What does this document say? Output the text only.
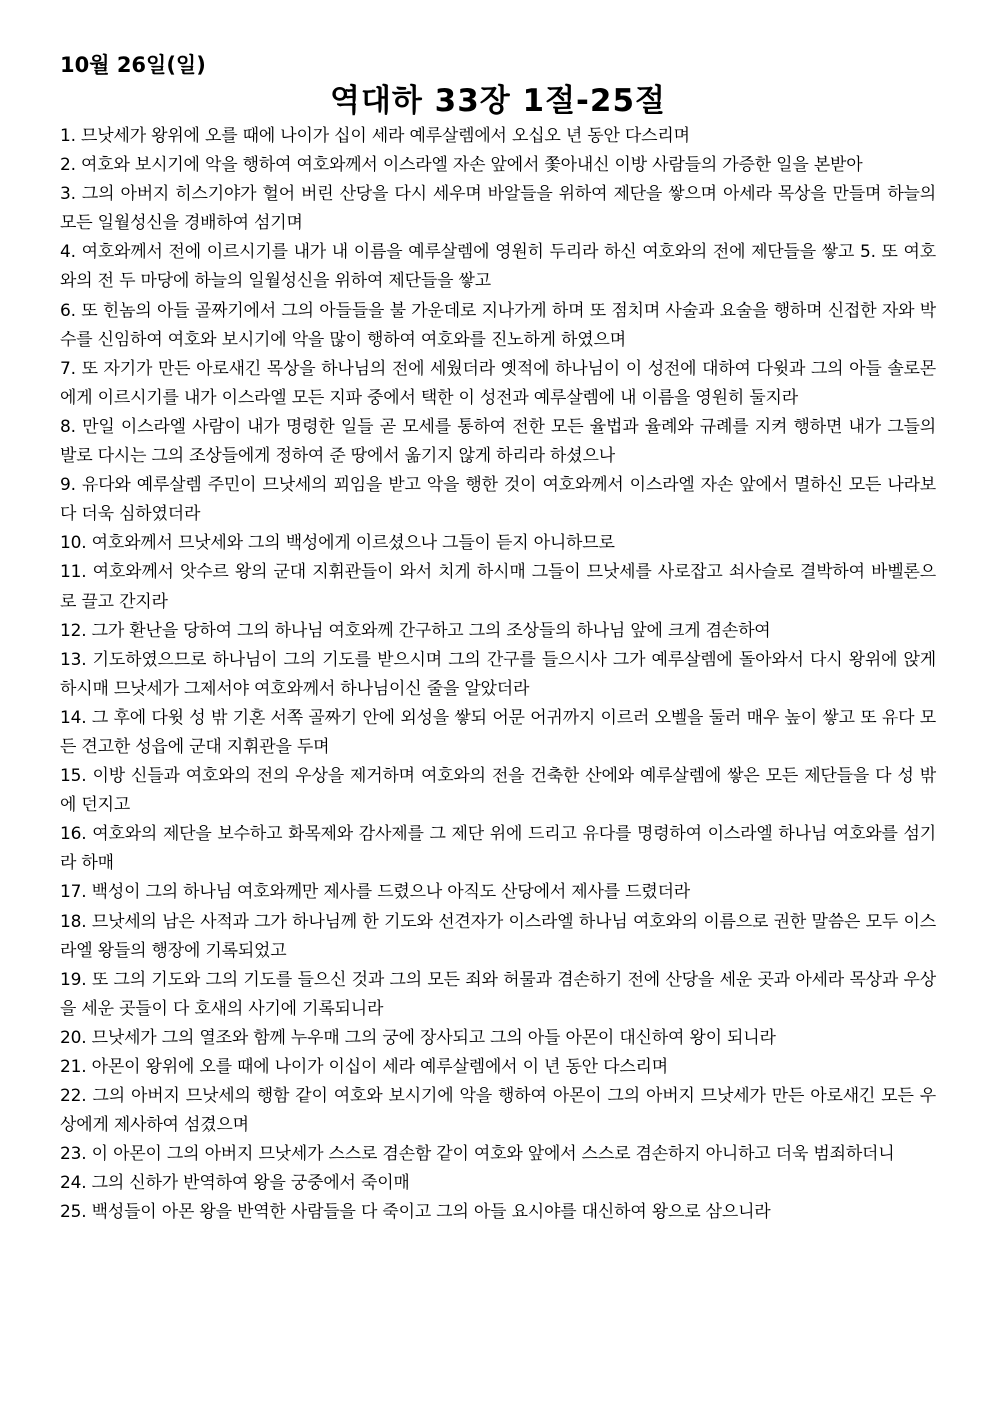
10월 26일(일)
역대하 33장 1절-25절

1. 므낫세가 왕위에 오를 때에 나이가 십이 세라 예루살렘에서 오십오 년 동안 다스리며

2. 여호와 보시기에 악을 행하여 여호와께서 이스라엘 자손 앞에서 쫓아내신 이방 사람들의 가증한 일을 본받아

3. 그의 아버지 히스기야가 헐어 버린 산당을 다시 세우며 바알들을 위하여 제단을 쌓으며 아세라 목상을 만들며 하늘의 모든 일월성신을 경배하여 섬기며

4. 여호와께서 전에 이르시기를 내가 내 이름을 예루살렘에 영원히 두리라 하신 여호와의 전에 제단들을 쌓고 5. 또 여호와의 전 두 마당에 하늘의 일월성신을 위하여 제단들을 쌓고

6. 또 힌놈의 아들 골짜기에서 그의 아들들을 불 가운데로 지나가게 하며 또 점치며 사술과 요술을 행하며 신접한 자와 박수를 신임하여 여호와 보시기에 악을 많이 행하여 여호와를 진노하게 하였으며

7. 또 자기가 만든 아로새긴 목상을 하나님의 전에 세웠더라 옛적에 하나님이 이 성전에 대하여 다윗과 그의 아들 솔로몬에게 이르시기를 내가 이스라엘 모든 지파 중에서 택한 이 성전과 예루살렘에 내 이름을 영원히 둘지라

8. 만일 이스라엘 사람이 내가 명령한 일들 곧 모세를 통하여 전한 모든 율법과 율례와 규례를 지켜 행하면 내가 그들의 발로 다시는 그의 조상들에게 정하여 준 땅에서 옮기지 않게 하리라 하셨으나

9. 유다와 예루살렘 주민이 므낫세의 꾀임을 받고 악을 행한 것이 여호와께서 이스라엘 자손 앞에서 멸하신 모든 나라보다 더욱 심하였더라

10. 여호와께서 므낫세와 그의 백성에게 이르셨으나 그들이 듣지 아니하므로

11. 여호와께서 앗수르 왕의 군대 지휘관들이 와서 치게 하시매 그들이 므낫세를 사로잡고 쇠사슬로 결박하여 바벨론으로 끌고 간지라

12. 그가 환난을 당하여 그의 하나님 여호와께 간구하고 그의 조상들의 하나님 앞에 크게 겸손하여

13. 기도하였으므로 하나님이 그의 기도를 받으시며 그의 간구를 들으시사 그가 예루살렘에 돌아와서 다시 왕위에 앉게 하시매 므낫세가 그제서야 여호와께서 하나님이신 줄을 알았더라

14. 그 후에 다윗 성 밖 기혼 서쪽 골짜기 안에 외성을 쌓되 어문 어귀까지 이르러 오벨을 둘러 매우 높이 쌓고 또 유다 모든 견고한 성읍에 군대 지휘관을 두며

15. 이방 신들과 여호와의 전의 우상을 제거하며 여호와의 전을 건축한 산에와 예루살렘에 쌓은 모든 제단들을 다 성 밖에 던지고

16. 여호와의 제단을 보수하고 화목제와 감사제를 그 제단 위에 드리고 유다를 명령하여 이스라엘 하나님 여호와를 섬기라 하매

17. 백성이 그의 하나님 여호와께만 제사를 드렸으나 아직도 산당에서 제사를 드렸더라

18. 므낫세의 남은 사적과 그가 하나님께 한 기도와 선견자가 이스라엘 하나님 여호와의 이름으로 권한 말씀은 모두 이스라엘 왕들의 행장에 기록되었고

19. 또 그의 기도와 그의 기도를 들으신 것과 그의 모든 죄와 허물과 겸손하기 전에 산당을 세운 곳과 아세라 목상과 우상을 세운 곳들이 다 호새의 사기에 기록되니라

20. 므낫세가 그의 열조와 함께 누우매 그의 궁에 장사되고 그의 아들 아몬이 대신하여 왕이 되니라

21. 아몬이 왕위에 오를 때에 나이가 이십이 세라 예루살렘에서 이 년 동안 다스리며

22. 그의 아버지 므낫세의 행함 같이 여호와 보시기에 악을 행하여 아몬이 그의 아버지 므낫세가 만든 아로새긴 모든 우상에게 제사하여 섬겼으며

23. 이 아몬이 그의 아버지 므낫세가 스스로 겸손함 같이 여호와 앞에서 스스로 겸손하지 아니하고 더욱 범죄하더니

24. 그의 신하가 반역하여 왕을 궁중에서 죽이매

25. 백성들이 아몬 왕을 반역한 사람들을 다 죽이고 그의 아들 요시야를 대신하여 왕으로 삼으니라
